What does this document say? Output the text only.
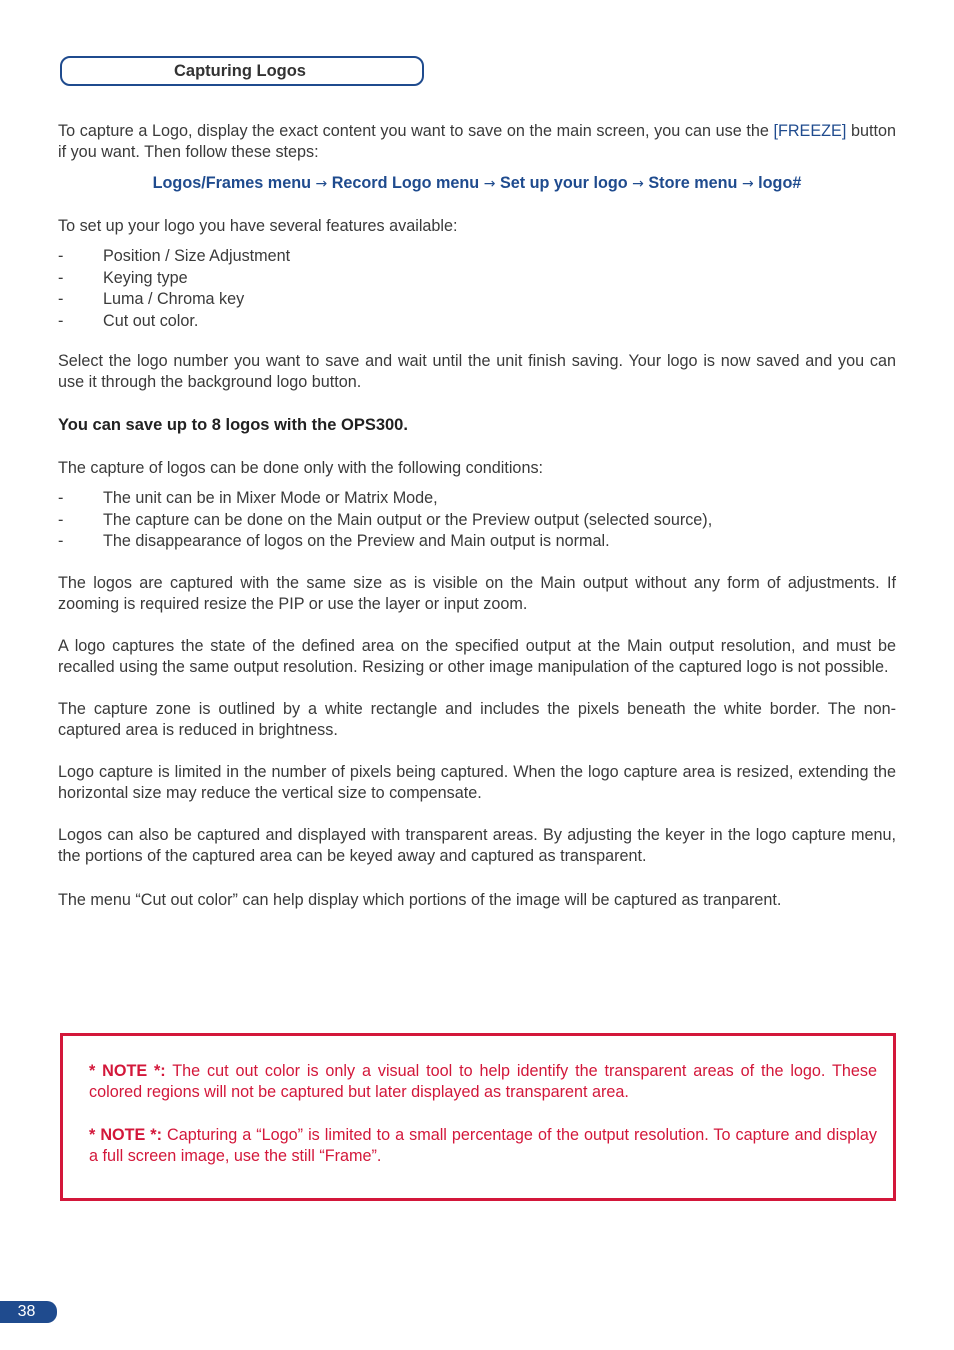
Capturing Logos

To capture a Logo, display the exact content you want to save on the main screen, you can use the [FREEZE] button if you want. Then follow these steps:

Logos/Frames menu → Record Logo menu → Set up your logo → Store menu → logo#

To set up your logo you have several features available:

- Position / Size Adjustment
- Keying type
- Luma / Chroma key
- Cut out color.

Select the logo number you want to save and wait until the unit finish saving. Your logo is now saved and you can use it through the background logo button.

You can save up to 8 logos with the OPS300.

The capture of logos can be done only with the following conditions:

- The unit can be in Mixer Mode or Matrix Mode,
- The capture can be done on the Main output or the Preview output (selected source),
- The disappearance of logos on the Preview and Main output is normal.

The logos are captured with the same size as is visible on the Main output without any form of adjustments. If zooming is required resize the PIP or use the layer or input zoom.

A logo captures the state of the defined area on the specified output at the Main output resolution, and must be recalled using the same output resolution. Resizing or other image manipulation of the captured logo is not possible.

The capture zone is outlined by a white rectangle and includes the pixels beneath the white border. The non-captured area is reduced in brightness.

Logo capture is limited in the number of pixels being captured. When the logo capture area is resized, extending the horizontal size may reduce the vertical size to compensate.

Logos can also be captured and displayed with transparent areas. By adjusting the keyer in the logo capture menu, the portions of the captured area can be keyed away and captured as transparent.

The menu “Cut out color” can help display which portions of the image will be captured as tranparent.

* NOTE *: The cut out color is only a visual tool to help identify the transparent areas of the logo. These colored regions will not be captured but later displayed as transparent area.

* NOTE *: Capturing a “Logo” is limited to a small percentage of the output resolution. To capture and display a full screen image, use the still “Frame”.

38
